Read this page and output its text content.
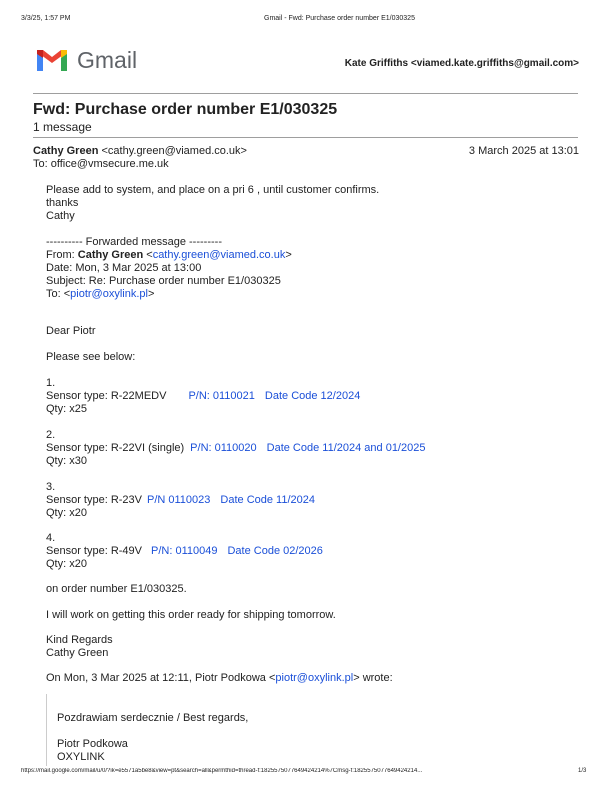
3/3/25, 1:57 PM	Gmail - Fwd: Purchase order number E1/030325
Gmail	Kate Griffiths <viamed.kate.griffiths@gmail.com>
Fwd: Purchase order number E1/030325
1 message
Cathy Green <cathy.green@viamed.co.uk>	3 March 2025 at 13:01
To: office@vmsecure.me.uk
Please add to system, and place on a pri 6 , until customer confirms.
thanks
Cathy
---------- Forwarded message ---------
From: Cathy Green <cathy.green@viamed.co.uk>
Date: Mon, 3 Mar 2025 at 13:00
Subject: Re: Purchase order number E1/030325
To: <piotr@oxylink.pl>
Dear Piotr
Please see below:
1.
Sensor type: R-22MEDV P/N: 0110021 Date Code 12/2024
Qty: x25
2.
Sensor type: R-22VI (single) P/N: 0110020 Date Code 11/2024 and 01/2025
Qty: x30
3.
Sensor type: R-23V P/N 0110023 Date Code 11/2024
Qty: x20
4.
Sensor type: R-49V P/N: 0110049 Date Code 02/2026
Qty: x20
on order number E1/030325.
I will work on getting this order ready for shipping tomorrow.
Kind Regards
Cathy Green
On Mon, 3 Mar 2025 at 12:11, Piotr Podkowa <piotr@oxylink.pl> wrote:
Pozdrawiam serdecznie / Best regards,
Piotr Podkowa
OXYLINK
https://mail.google.com/mail/u/0/?ik=e5571a5be8&view=pt&search=all&permthid=thread-f:1825575077649424214%7Cmsg-f:1825575077649424214...	1/3
